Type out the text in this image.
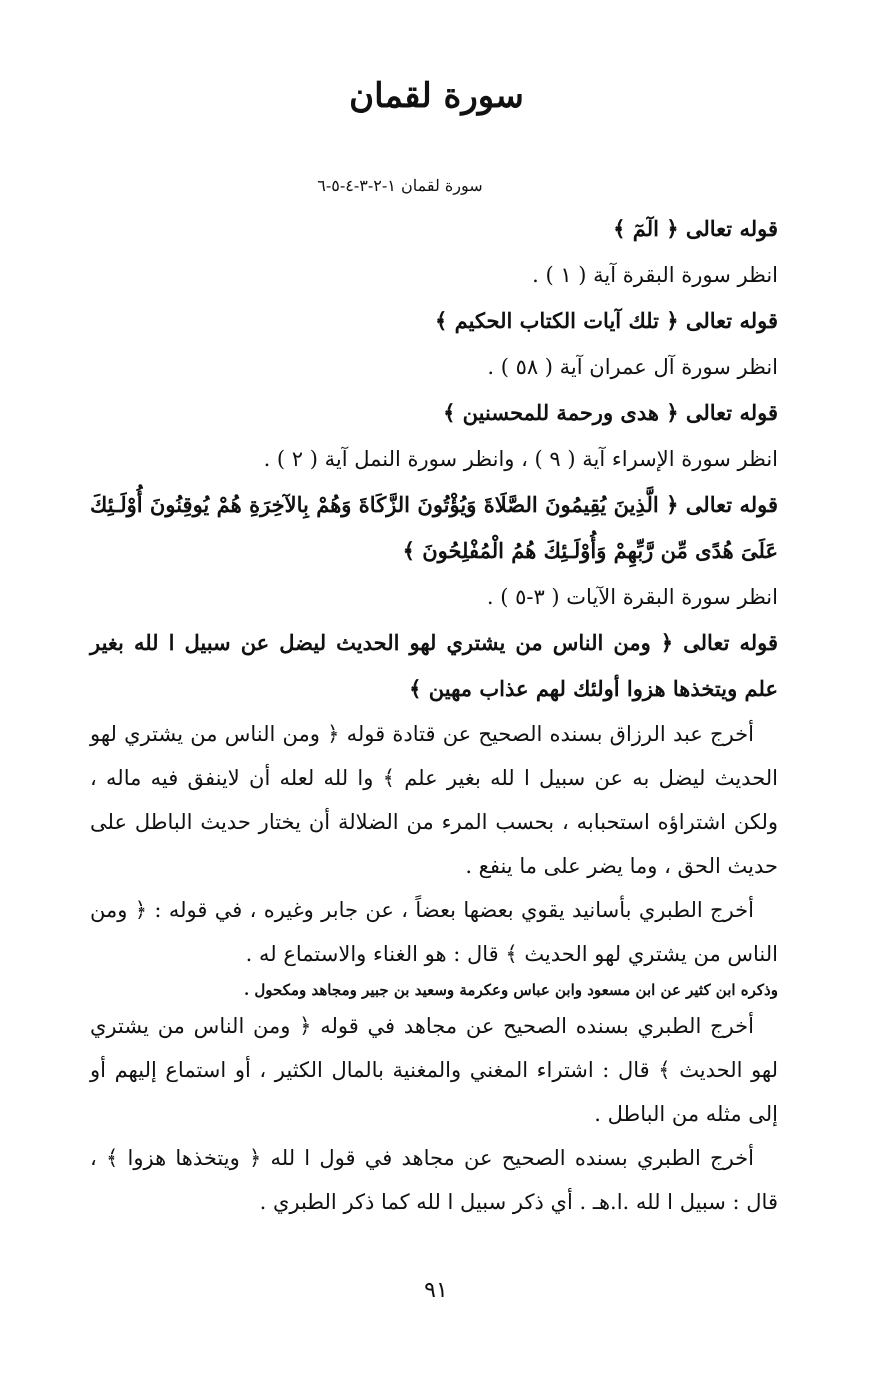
سورة لقمان

سورة لقمان ١-٢-٣-٤-٥-٦

قوله تعالى ﴿ الٓمٓ ﴾

انظر سورة البقرة آية ( ١ ) .

قوله تعالى ﴿ تلك آيات الكتاب الحكيم ﴾

انظر سورة آل عمران آية ( ٥٨ ) .

قوله تعالى ﴿ هدى ورحمة للمحسنين ﴾

انظر سورة الإسراء آية ( ٩ ) ، وانظر سورة النمل آية ( ٢ ) .

قوله تعالى ﴿ الَّذِينَ يُقِيمُونَ الصَّلَاةَ وَيُؤْتُونَ الزَّكَاةَ وَهُمْ بِالآخِرَةِ هُمْ يُوقِنُونَ أُوْلَـئِكَ عَلَىَ هُدًى مِّن رَّبِّهِمْ وَأُوْلَـئِكَ هُمُ الْمُفْلِحُونَ ﴾

انظر سورة البقرة الآيات ( ٣-٥ ) .

قوله تعالى ﴿ ومن الناس من يشتري لهو الحديث ليضل عن سبيل ا لله بغير علم ويتخذها هزوا أولئك لهم عذاب مهين ﴾

أخرج عبد الرزاق بسنده الصحيح عن قتادة قوله ﴿ ومن الناس من يشتري لهو الحديث ليضل به عن سبيل ا لله بغير علم ﴾ وا لله لعله أن لاينفق فيه ماله ، ولكن اشتراؤه استحبابه ، بحسب المرء من الضلالة أن يختار حديث الباطل على حديث الحق ، وما يضر على ما ينفع .

أخرج الطبري بأسانيد يقوي بعضها بعضاً ، عن جابر وغيره ، في قوله : ﴿ ومن الناس من يشتري لهو الحديث ﴾ قال : هو الغناء والاستماع له .

وذكره ابن كثير عن ابن مسعود وابن عباس وعكرمة وسعيد بن جبير ومجاهد ومكحول .

أخرج الطبري بسنده الصحيح عن مجاهد في قوله ﴿ ومن الناس من يشتري لهو الحديث ﴾ قال : اشتراء المغني والمغنية بالمال الكثير ، أو استماع إليهم أو إلى مثله من الباطل .

أخرج الطبري بسنده الصحيح عن مجاهد في قول ا لله ﴿ ويتخذها هزوا ﴾ ، قال : سبيل ا لله .ا.هـ . أي ذكر سبيل ا لله كما ذكر الطبري .

٩١
